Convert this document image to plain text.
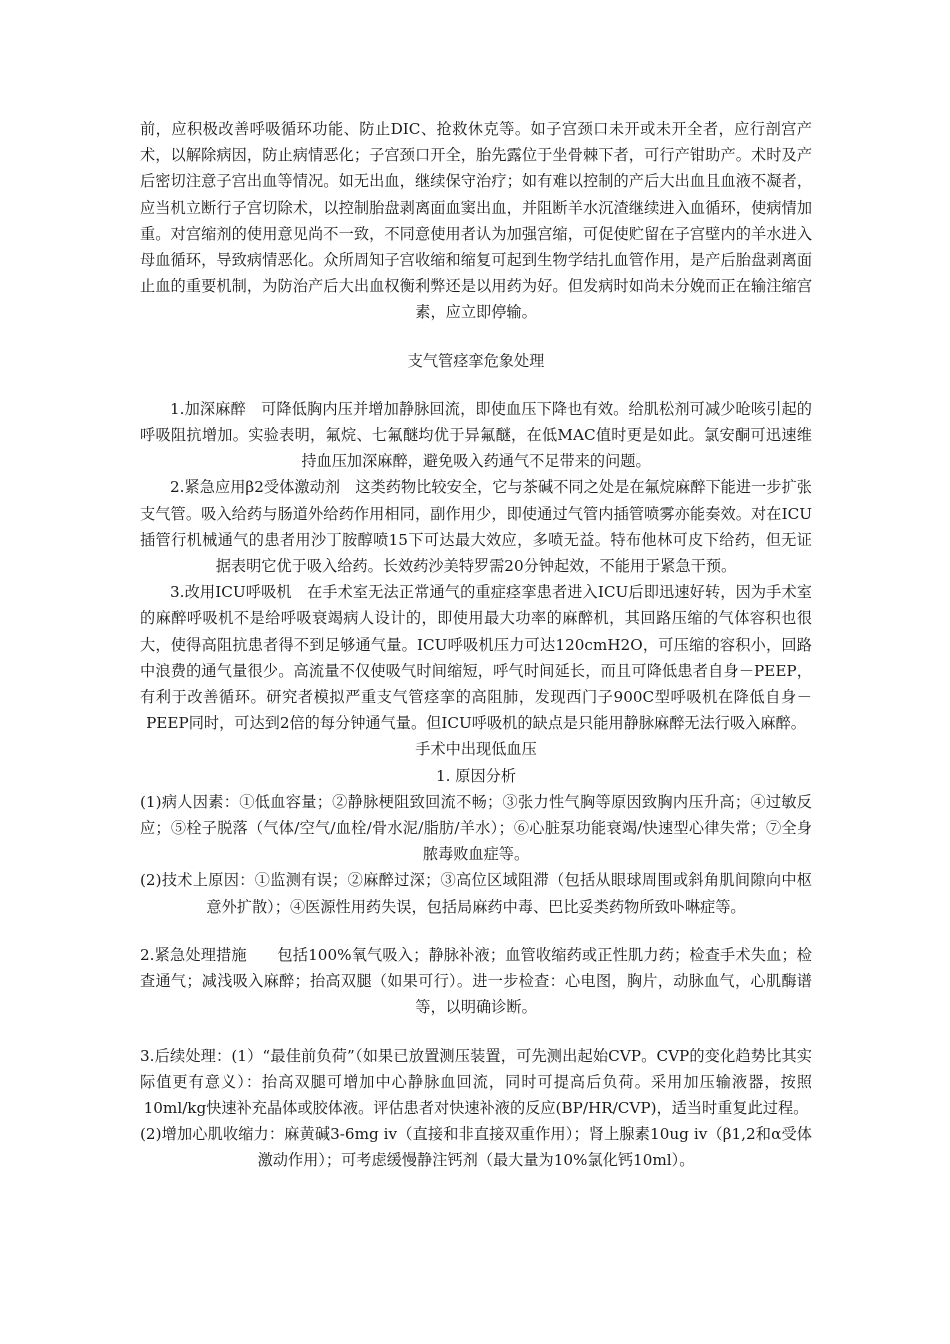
前，应积极改善呼吸循环功能、防止DIC、抢救休克等。如子宫颈口未开或未开全者，应行剖宫产术，以解除病因，防止病情恶化；子宫颈口开全，胎先露位于坐骨棘下者，可行产钳助产。术时及产后密切注意子宫出血等情况。如无出血，继续保守治疗；如有难以控制的产后大出血且血液不凝者，应当机立断行子宫切除术，以控制胎盘剥离面血窦出血，并阻断羊水沉渣继续进入血循环，使病情加重。对宫缩剂的使用意见尚不一致，不同意使用者认为加强宫缩，可促使贮留在子宫壁内的羊水进入母血循环，导致病情恶化。众所周知子宫收缩和缩复可起到生物学结扎血管作用，是产后胎盘剥离面止血的重要机制，为防治产后大出血权衡利弊还是以用药为好。但发病时如尚未分娩而正在输注缩宫素，应立即停输。

支气管痉挛危象处理

1.加深麻醉　可降低胸内压并增加静脉回流，即使血压下降也有效。给肌松剂可减少呛咳引起的呼吸阻抗增加。实验表明，氟烷、七氟醚均优于异氟醚，在低MAC值时更是如此。氯安酮可迅速维持血压加深麻醉，避免吸入药通气不足带来的问题。

2.紧急应用β2受体激动剂　这类药物比较安全，它与茶碱不同之处是在氟烷麻醉下能进一步扩张支气管。吸入给药与肠道外给药作用相同，副作用少，即使通过气管内插管喷雾亦能奏效。对在ICU插管行机械通气的患者用沙丁胺醇喷15下可达最大效应，多喷无益。特布他林可皮下给药，但无证据表明它优于吸入给药。长效药沙美特罗需20分钟起效，不能用于紧急干预。

3.改用ICU呼吸机　在手术室无法正常通气的重症痉挛患者进入ICU后即迅速好转，因为手术室的麻醉呼吸机不是给呼吸衰竭病人设计的，即使用最大功率的麻醉机，其回路压缩的气体容积也很大，使得高阻抗患者得不到足够通气量。ICU呼吸机压力可达120cmH2O，可压缩的容积小，回路中浪费的通气量很少。高流量不仅使吸气时间缩短，呼气时间延长，而且可降低患者自身－PEEP，有利于改善循环。研究者模拟严重支气管痉挛的高阻肺，发现西门子900C型呼吸机在降低自身－PEEP同时，可达到2倍的每分钟通气量。但ICU呼吸机的缺点是只能用静脉麻醉无法行吸入麻醉。

手术中出现低血压

1. 原因分析

(1)病人因素：①低血容量；②静脉梗阻致回流不畅；③张力性气胸等原因致胸内压升高；④过敏反应；⑤栓子脱落（气体/空气/血栓/骨水泥/脂肪/羊水）；⑥心脏泵功能衰竭/快速型心律失常；⑦全身脓毒败血症等。

(2)技术上原因：①监测有误；②麻醉过深；③高位区域阻滞（包括从眼球周围或斜角肌间隙向中枢意外扩散）；④医源性用药失误，包括局麻药中毒、巴比妥类药物所致卟啉症等。

2.紧急处理措施　　包括100%氧气吸入；静脉补液；血管收缩药或正性肌力药；检查手术失血；检查通气；减浅吸入麻醉；抬高双腿（如果可行）。进一步检查：心电图，胸片，动脉血气，心肌酶谱等，以明确诊断。

3.后续处理：(1）“最佳前负荷”（如果已放置测压装置，可先测出起始CVP。CVP的变化趋势比其实际值更有意义）：抬高双腿可增加中心静脉血回流，同时可提高后负荷。采用加压输液器，按照10ml/kg快速补充晶体或胶体液。评估患者对快速补液的反应(BP/HR/CVP)，适当时重复此过程。

(2)增加心肌收缩力：麻黄碱3-6mg iv（直接和非直接双重作用）；肾上腺素10ug iv（β1,2和α受体激动作用）；可考虑缓慢静注钙剂（最大量为10%氯化钙10ml）。
